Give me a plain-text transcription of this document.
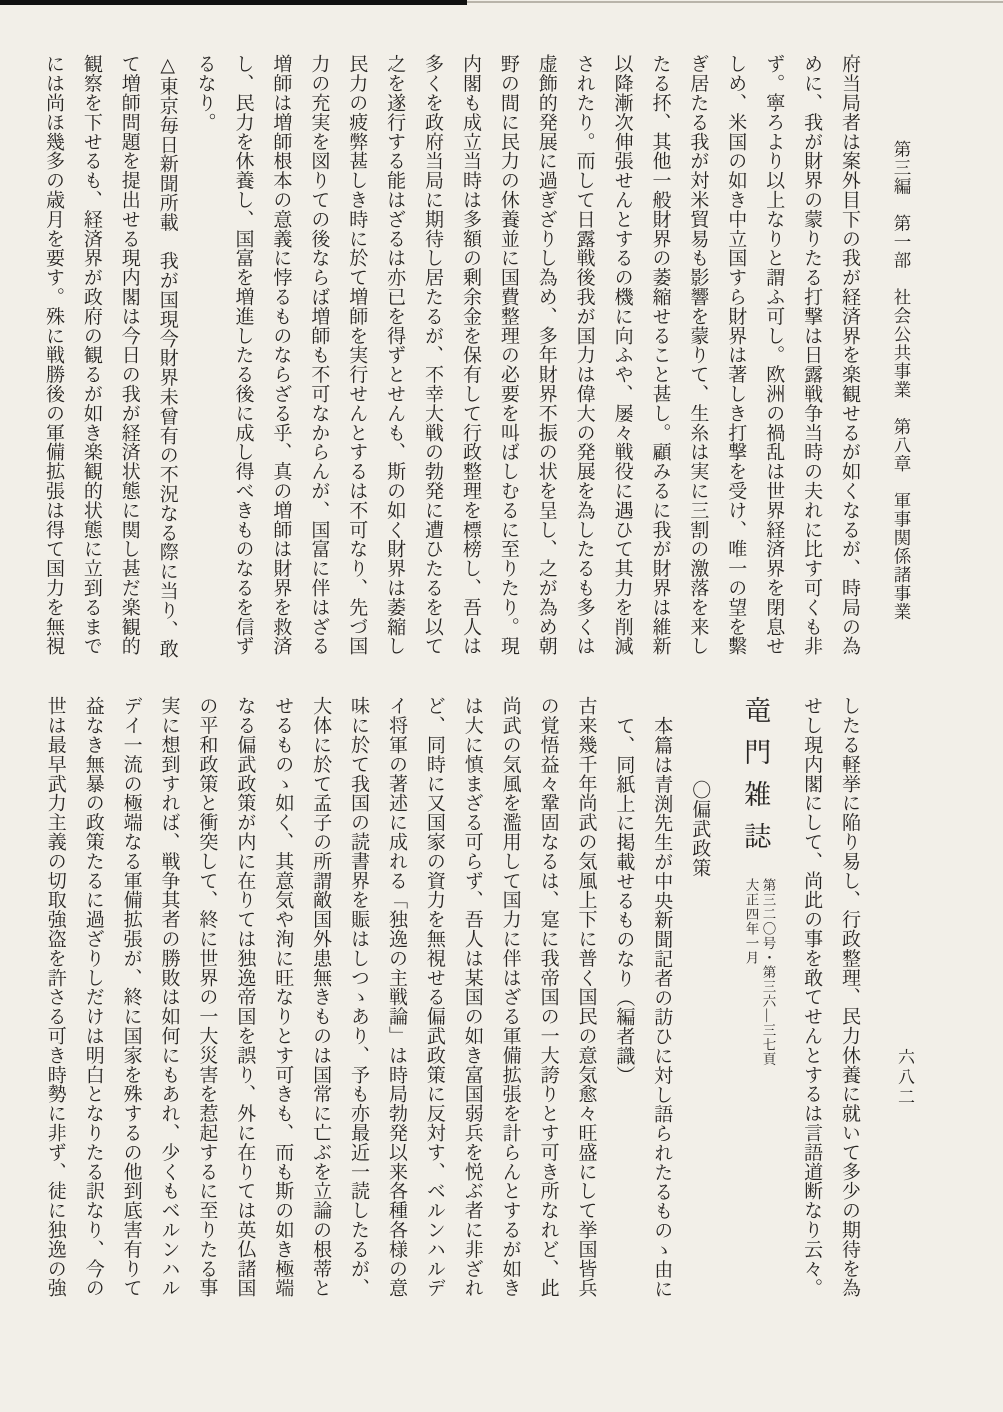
第三編　第一部　社会公共事業　第八章　軍事関係諸事業
六八二
府当局者は案外目下の我が経済界を楽観せるが如くなるが、時局の為
めに、我が財界の蒙りたる打撃は日露戦争当時の夫れに比す可くも非
ず。寧ろより以上なりと謂ふ可し。欧洲の禍乱は世界経済界を閉息せ
しめ、米国の如き中立国すら財界は著しき打撃を受け、唯一の望を繫
ぎ居たる我が対米貿易も影響を蒙りて、生糸は実に三割の激落を来し
たる抔、其他一般財界の萎縮せること甚し。顧みるに我が財界は維新
以降漸次伸張せんとするの機に向ふや、屡々戦役に遇ひて其力を削減
されたり。而して日露戦後我が国力は偉大の発展を為したるも多くは
虚飾的発展に過ぎざりし為め、多年財界不振の状を呈し、之が為め朝
野の間に民力の休養並に国費整理の必要を叫ばしむるに至りたり。現
内閣も成立当時は多額の剰余金を保有して行政整理を標榜し、吾人は
多くを政府当局に期待し居たるが、不幸大戦の勃発に遭ひたるを以て
之を遂行する能はざるは亦已を得ずとせんも、斯の如く財界は萎縮し
民力の疲弊甚しき時に於て増師を実行せんとするは不可なり、先づ国
力の充実を図りての後ならば増師も不可なからんが、国富に伴はざる
増師は増師根本の意義に悖るものならざる乎、真の増師は財界を救済
し、民力を休養し、国富を増進したる後に成し得べきものなるを信ず
るなり。
△東京毎日新聞所載　我が国現今財界未曾有の不況なる際に当り、敢
て増師問題を提出せる現内閣は今日の我が経済状態に関し甚だ楽観的
観察を下せるも、経済界が政府の観るが如き楽観的状態に立到るまで
には尚ほ幾多の歳月を要す。殊に戦勝後の軍備拡張は得て国力を無視
したる軽挙に陥り易し、行政整理、民力休養に就いて多少の期待を為
せし現内閣にして、尚此の事を敢てせんとするは言語道断なり云々。
竜門雑誌
第三二〇号・第三六―三七頁
大正四年一月
〇偏武政策
本篇は青渕先生が中央新聞記者の訪ひに対し語られたるものゝ由に
て、同紙上に掲載せるものなり（編者識）
古来幾千年尚武の気風上下に普く国民の意気愈々旺盛にして挙国皆兵
の覚悟益々鞏固なるは、寔に我帝国の一大誇りとす可き所なれど、此
尚武の気風を濫用して国力に伴はざる軍備拡張を計らんとするが如き
は大に慎まざる可らず、吾人は某国の如き富国弱兵を悦ぶ者に非ざれ
ど、同時に又国家の資力を無視せる偏武政策に反対す、ベルンハルデ
イ将軍の著述に成れる「独逸の主戦論」は時局勃発以来各種各様の意
味に於て我国の読書界を賑はしつゝあり、予も亦最近一読したるが、
大体に於て孟子の所謂敵国外患無きものは国常に亡ぶを立論の根蒂と
せるものゝ如く、其意気や洵に旺なりとす可きも、而も斯の如き極端
なる偏武政策が内に在りては独逸帝国を誤り、外に在りては英仏諸国
の平和政策と衝突して、終に世界の一大災害を惹起するに至りたる事
実に想到すれば、戦争其者の勝敗は如何にもあれ、少くもベルンハル
デイ一流の極端なる軍備拡張が、終に国家を殊するの他到底害有りて
益なき無暴の政策たるに過ざりしだけは明白となりたる訳なり、今の
世は最早武力主義の切取強盗を許さる可き時勢に非ず、徒に独逸の強
